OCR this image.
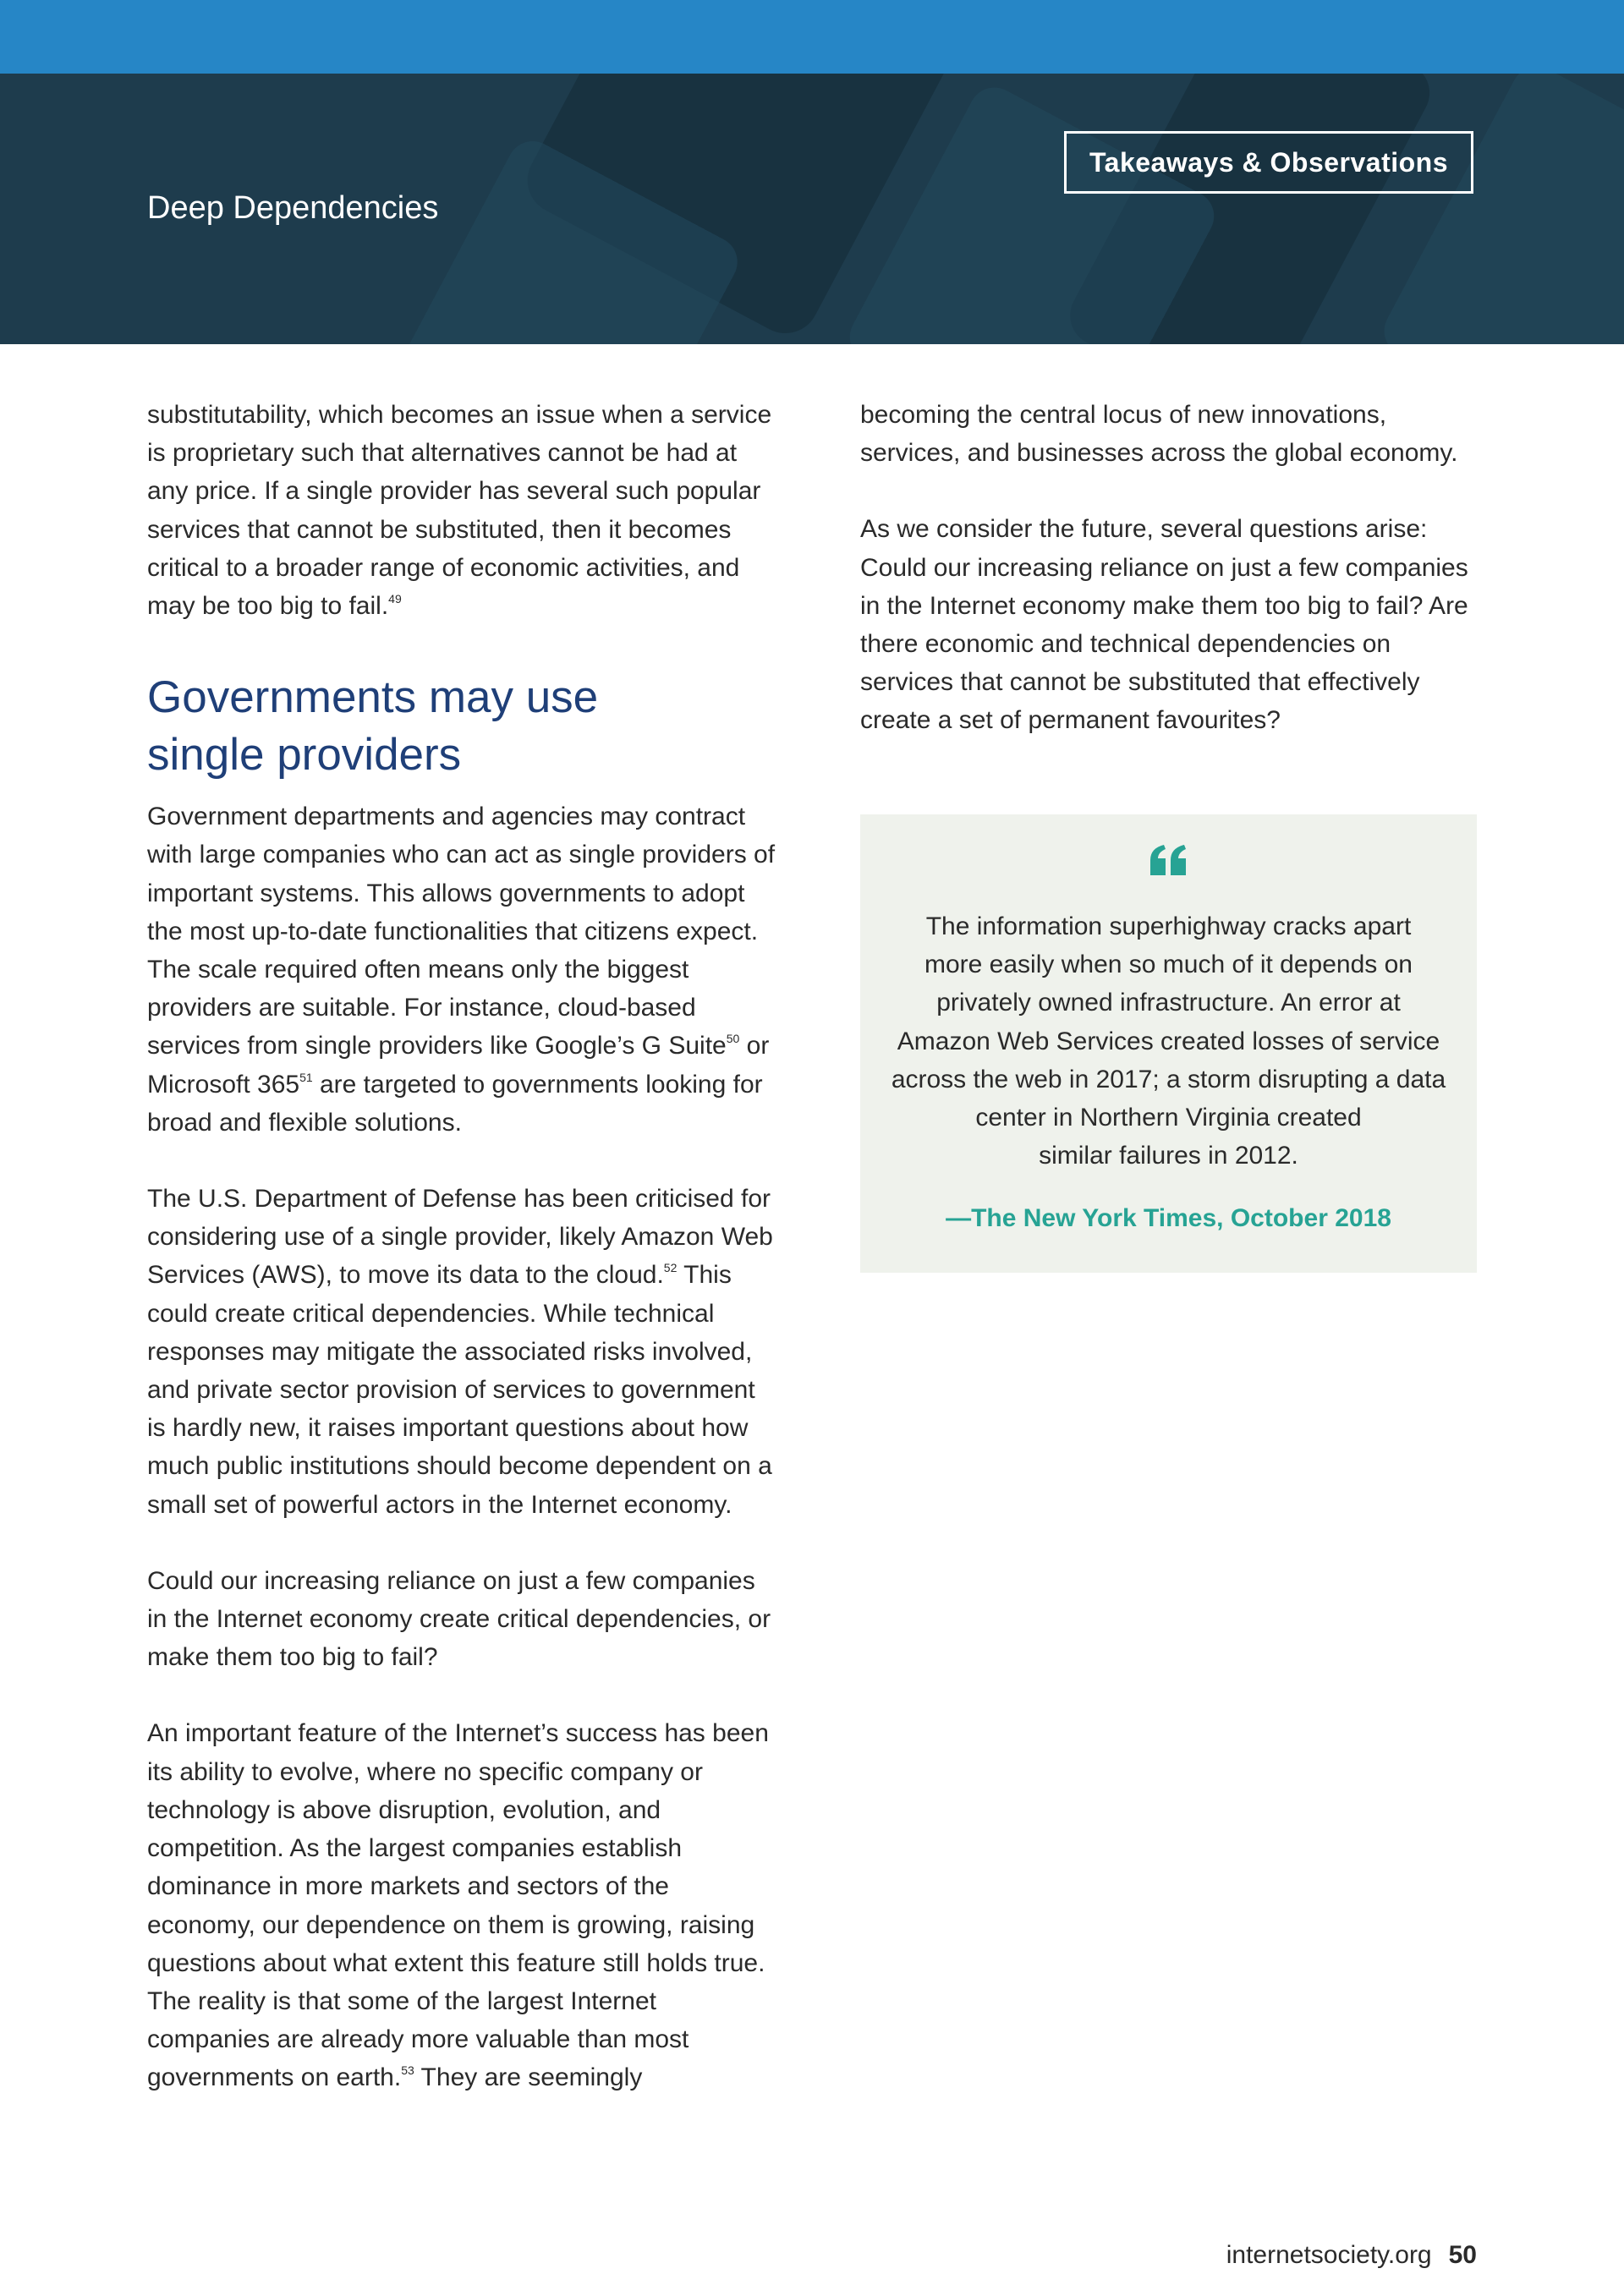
Deep Dependencies
Takeaways & Observations

substitutability, which becomes an issue when a service is proprietary such that alternatives cannot be had at any price. If a single provider has several such popular services that cannot be substituted, then it becomes critical to a broader range of economic activities, and may be too big to fail.$^{49}$

Governments may use
single providers

Government departments and agencies may contract with large companies who can act as single providers of important systems. This allows governments to adopt the most up-to-date functionalities that citizens expect. The scale required often means only the biggest providers are suitable. For instance, cloud-based services from single providers like Google’s G Suite$^{50}$ or Microsoft $365^{51}$ are targeted to governments looking for broad and flexible solutions.

The U.S. Department of Defense has been criticised for considering use of a single provider, likely Amazon Web Services (AWS), to move its data to the cloud.$^{52}$ This could create critical dependencies. While technical responses may mitigate the associated risks involved, and private sector provision of services to government is hardly new, it raises important questions about how much public institutions should become dependent on a small set of powerful actors in the Internet economy.

Could our increasing reliance on just a few companies in the Internet economy create critical dependencies, or make them too big to fail?

An important feature of the Internet’s success has been its ability to evolve, where no specific company or technology is above disruption, evolution, and competition. As the largest companies establish dominance in more markets and sectors of the economy, our dependence on them is growing, raising questions about what extent this feature still holds true. The reality is that some of the largest Internet companies are already more valuable than most governments on earth.$^{53}$ They are seemingly

becoming the central locus of new innovations, services, and businesses across the global economy.

As we consider the future, several questions arise: Could our increasing reliance on just a few companies in the Internet economy make them too big to fail? Are there economic and technical dependencies on services that cannot be substituted that effectively create a set of permanent favourites?

The information superhighway cracks apart
more easily when so much of it depends on
privately owned infrastructure. An error at
Amazon Web Services created losses of service
across the web in 2017; a storm disrupting a data
center in Northern Virginia created
similar failures in 2012.
—The New York Times, October 2018
internetsociety.org 50
